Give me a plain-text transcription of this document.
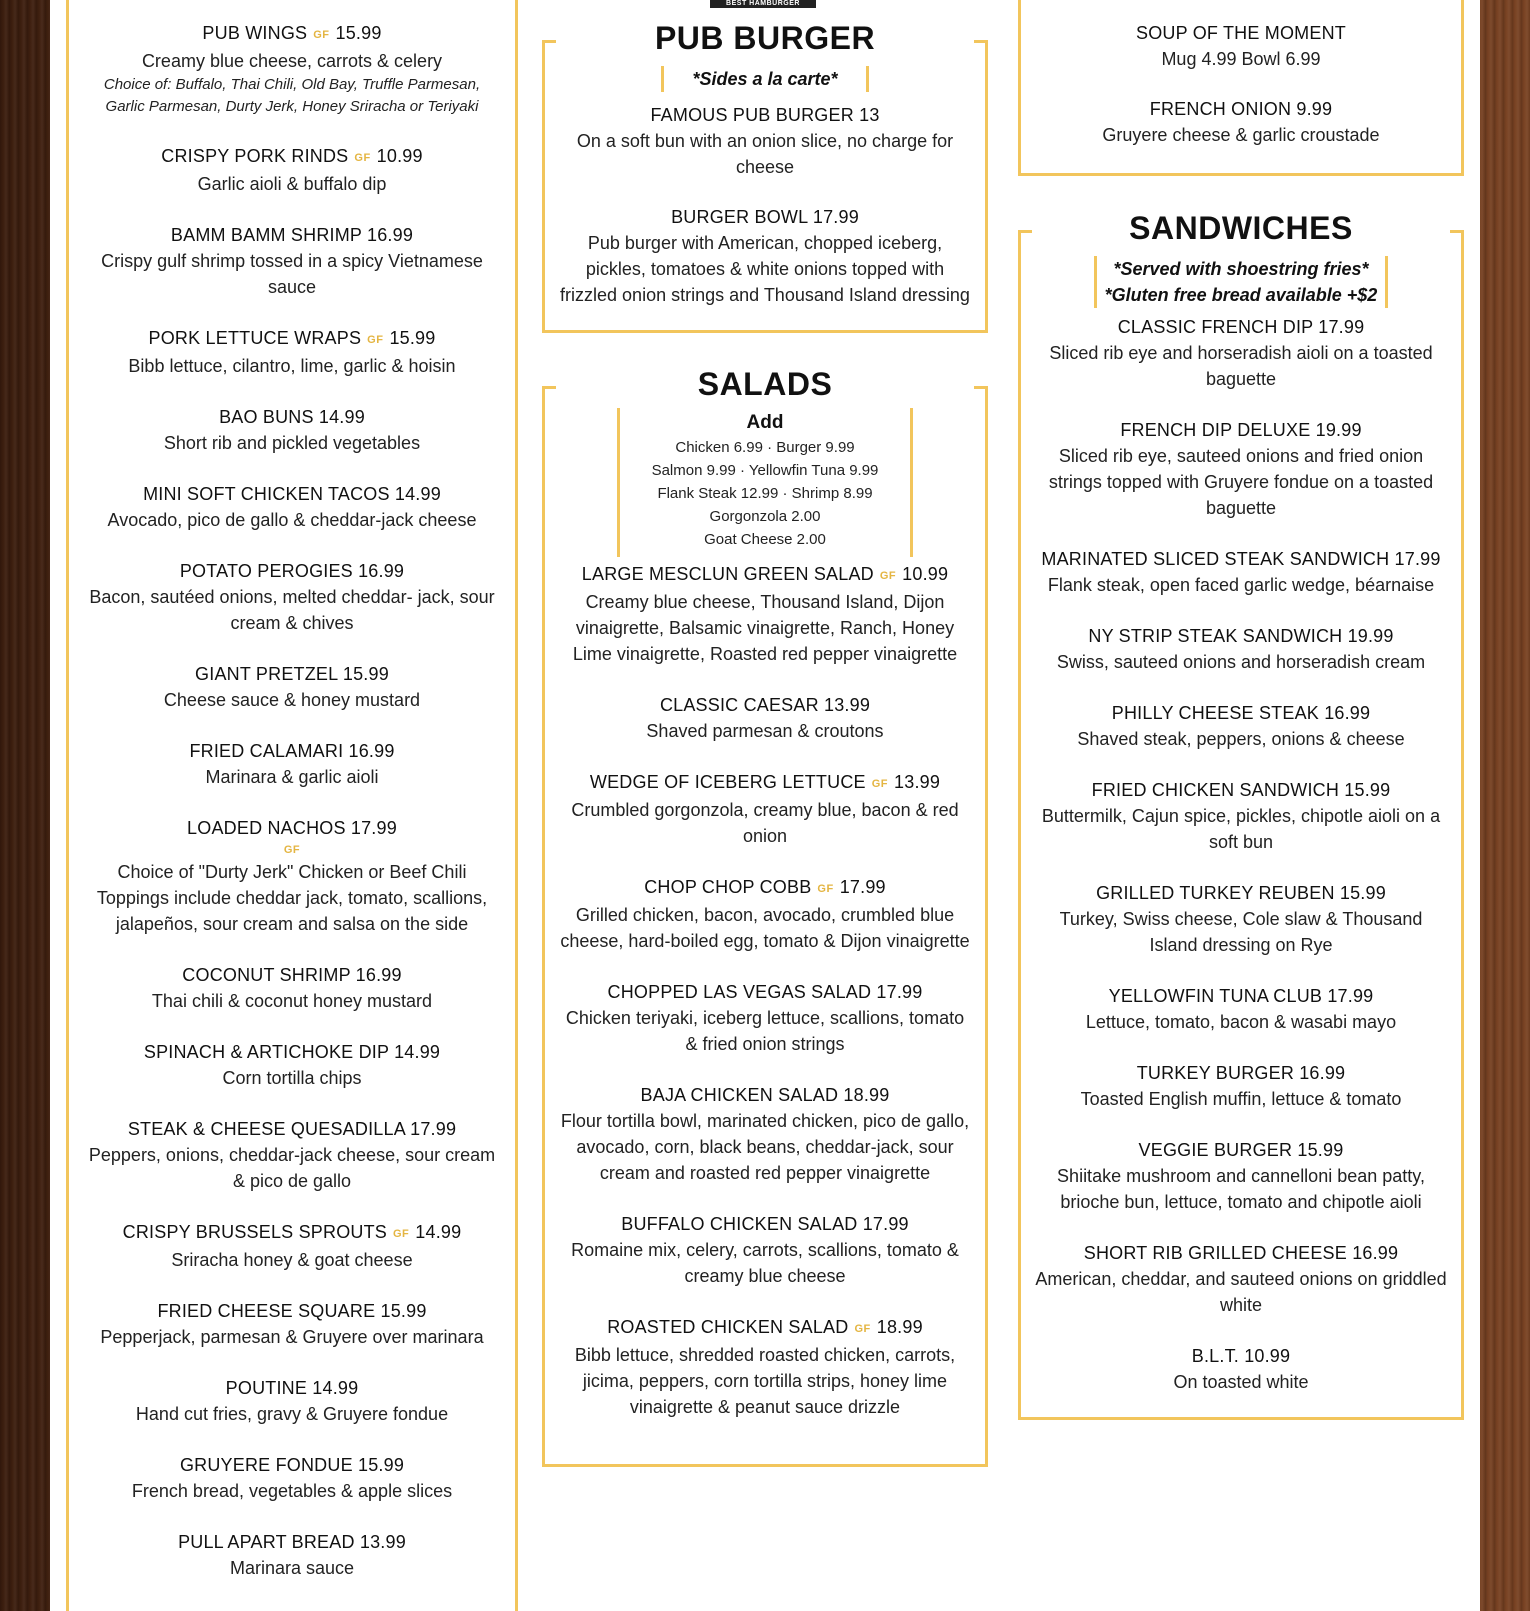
PUB WINGS GF 15.99
Creamy blue cheese, carrots & celery
Choice of: Buffalo, Thai Chili, Old Bay, Truffle Parmesan, Garlic Parmesan, Durty Jerk, Honey Sriracha or Teriyaki
CRISPY PORK RINDS GF 10.99
Garlic aioli & buffalo dip
BAMM BAMM SHRIMP 16.99
Crispy gulf shrimp tossed in a spicy Vietnamese sauce
PORK LETTUCE WRAPS GF 15.99
Bibb lettuce, cilantro, lime, garlic & hoisin
BAO BUNS 14.99
Short rib and pickled vegetables
MINI SOFT CHICKEN TACOS 14.99
Avocado, pico de gallo & cheddar-jack cheese
POTATO PEROGIES 16.99
Bacon, sautéed onions, melted cheddar- jack, sour cream & chives
GIANT PRETZEL 15.99
Cheese sauce & honey mustard
FRIED CALAMARI 16.99
Marinara & garlic aioli
LOADED NACHOS 17.99
GF
Choice of "Durty Jerk" Chicken or Beef Chili Toppings include cheddar jack, tomato, scallions, jalapeños, sour cream and salsa on the side
COCONUT SHRIMP 16.99
Thai chili & coconut honey mustard
SPINACH & ARTICHOKE DIP 14.99
Corn tortilla chips
STEAK & CHEESE QUESADILLA 17.99
Peppers, onions, cheddar-jack cheese, sour cream & pico de gallo
CRISPY BRUSSELS SPROUTS GF 14.99
Sriracha honey & goat cheese
FRIED CHEESE SQUARE 15.99
Pepperjack, parmesan & Gruyere over marinara
POUTINE 14.99
Hand cut fries, gravy & Gruyere fondue
GRUYERE FONDUE 15.99
French bread, vegetables & apple slices
PULL APART BREAD 13.99
Marinara sauce
BEST HAMBURGER
PUB BURGER
*Sides a la carte*
FAMOUS PUB BURGER 13
On a soft bun with an onion slice, no charge for cheese
BURGER BOWL 17.99
Pub burger with American, chopped iceberg, pickles, tomatoes & white onions topped with frizzled onion strings and Thousand Island dressing
SALADS
Add
Chicken 6.99 · Burger 9.99
Salmon 9.99 · Yellowfin Tuna 9.99
Flank Steak 12.99 · Shrimp 8.99
Gorgonzola 2.00
Goat Cheese 2.00
LARGE MESCLUN GREEN SALAD GF 10.99
Creamy blue cheese, Thousand Island, Dijon vinaigrette, Balsamic vinaigrette, Ranch, Honey Lime vinaigrette, Roasted red pepper vinaigrette
CLASSIC CAESAR 13.99
Shaved parmesan & croutons
WEDGE OF ICEBERG LETTUCE GF 13.99
Crumbled gorgonzola, creamy blue, bacon & red onion
CHOP CHOP COBB GF 17.99
Grilled chicken, bacon, avocado, crumbled blue cheese, hard-boiled egg, tomato & Dijon vinaigrette
CHOPPED LAS VEGAS SALAD 17.99
Chicken teriyaki, iceberg lettuce, scallions, tomato & fried onion strings
BAJA CHICKEN SALAD 18.99
Flour tortilla bowl, marinated chicken, pico de gallo, avocado, corn, black beans, cheddar-jack, sour cream and roasted red pepper vinaigrette
BUFFALO CHICKEN SALAD 17.99
Romaine mix, celery, carrots, scallions, tomato & creamy blue cheese
ROASTED CHICKEN SALAD GF 18.99
Bibb lettuce, shredded roasted chicken, carrots, jicima, peppers, corn tortilla strips, honey lime vinaigrette & peanut sauce drizzle
SOUP OF THE MOMENT
Mug 4.99 Bowl 6.99
FRENCH ONION 9.99
Gruyere cheese & garlic croustade
SANDWICHES
*Served with shoestring fries*
*Gluten free bread available +$2
CLASSIC FRENCH DIP 17.99
Sliced rib eye and horseradish aioli on a toasted baguette
FRENCH DIP DELUXE 19.99
Sliced rib eye, sauteed onions and fried onion strings topped with Gruyere fondue on a toasted baguette
MARINATED SLICED STEAK SANDWICH 17.99
Flank steak, open faced garlic wedge, béarnaise
NY STRIP STEAK SANDWICH 19.99
Swiss, sauteed onions and horseradish cream
PHILLY CHEESE STEAK 16.99
Shaved steak, peppers, onions & cheese
FRIED CHICKEN SANDWICH 15.99
Buttermilk, Cajun spice, pickles, chipotle aioli on a soft bun
GRILLED TURKEY REUBEN 15.99
Turkey, Swiss cheese, Cole slaw & Thousand Island dressing on Rye
YELLOWFIN TUNA CLUB 17.99
Lettuce, tomato, bacon & wasabi mayo
TURKEY BURGER 16.99
Toasted English muffin, lettuce & tomato
VEGGIE BURGER 15.99
Shiitake mushroom and cannelloni bean patty, brioche bun, lettuce, tomato and chipotle aioli
SHORT RIB GRILLED CHEESE 16.99
American, cheddar, and sauteed onions on griddled white
B.L.T. 10.99
On toasted white
